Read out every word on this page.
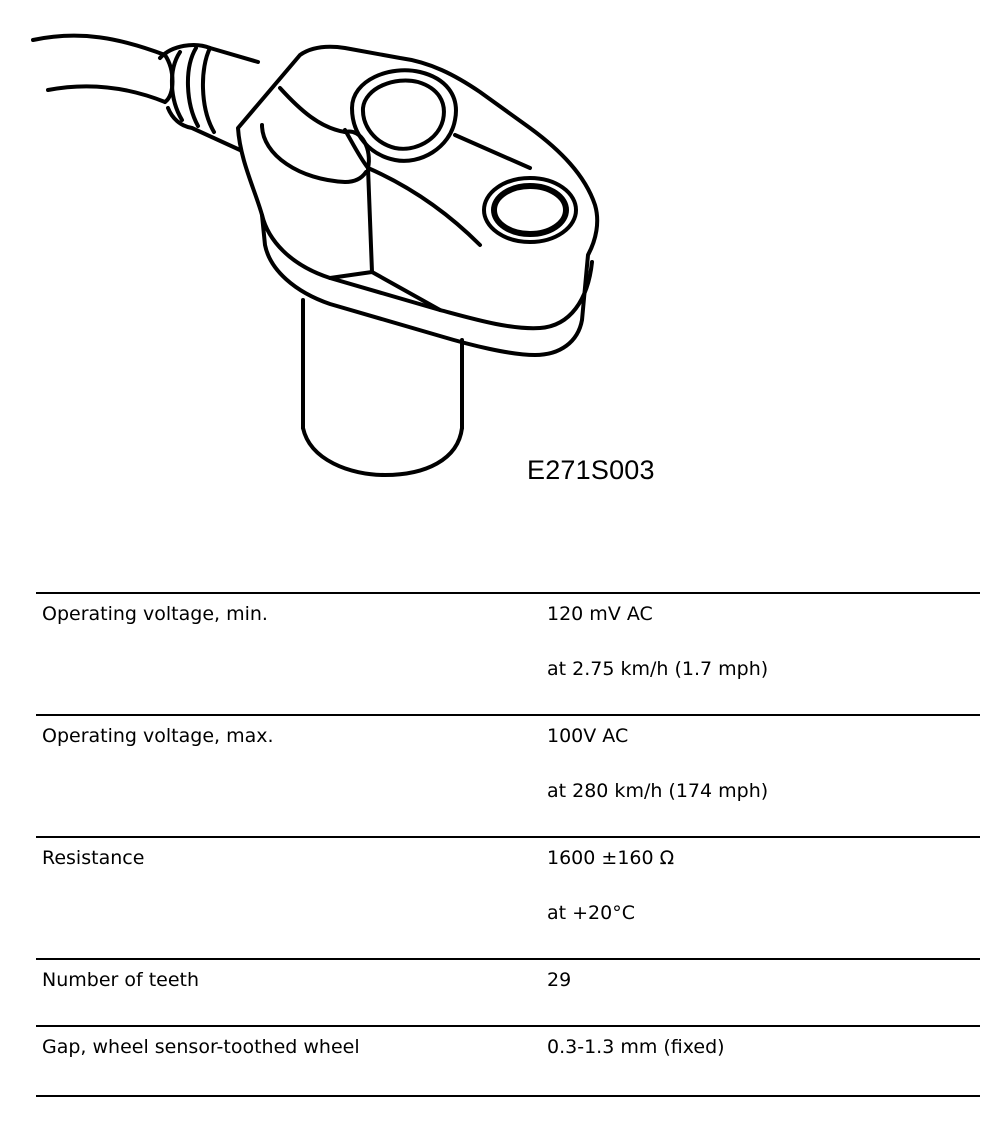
E271S003
Operating voltage, min.	120 mV AC
at 2.75 km/h (1.7 mph)

Operating voltage, max.	100V AC
at 280 km/h (174 mph)

Resistance	1600 ±160 Ω
at +20°C

Number of teeth	29

Gap, wheel sensor-toothed wheel	0.3-1.3 mm (fixed)
